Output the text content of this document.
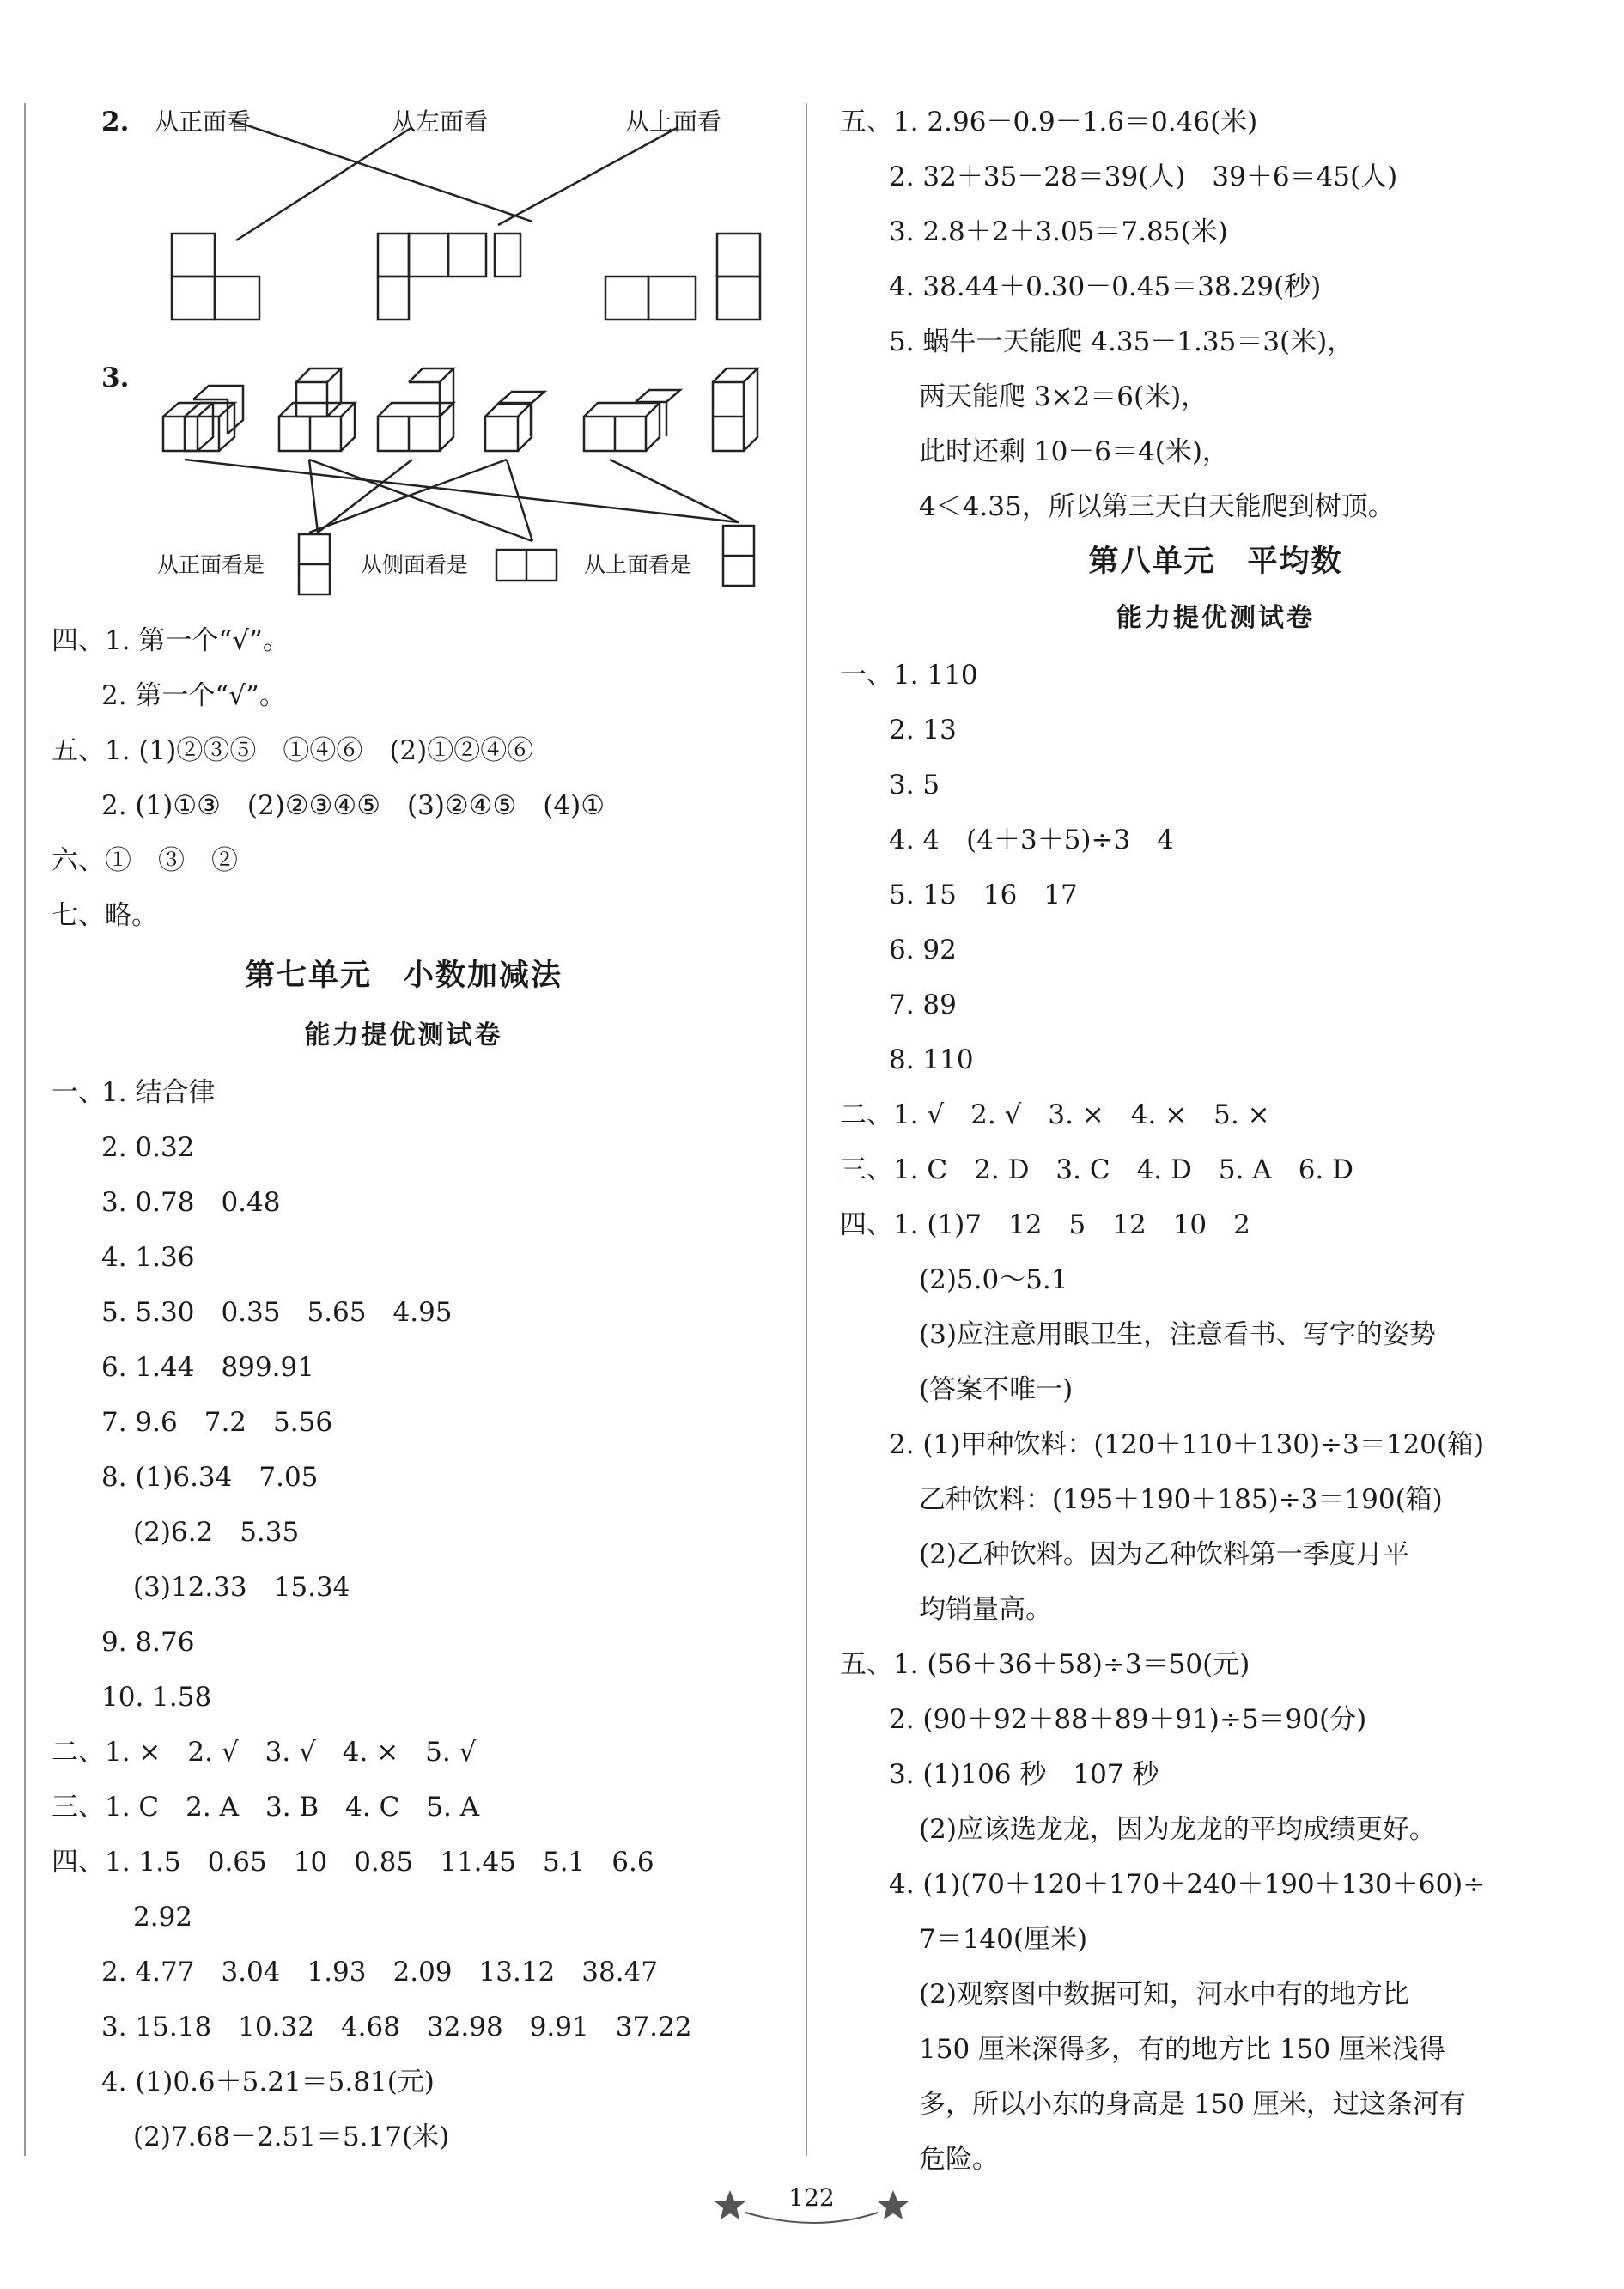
2. 从正面看	从左面看	从上面看
3.
从正面看是	从侧面看是	从上面看是
四、1. 第一个“√”。
2. 第一个“√”。
五、1. (1)②③⑤　①④⑥　(2)①②④⑥
2. (1)①③　(2)②③④⑤　(3)②④⑤　(4)①
六、①　③　②
七、略。
第七单元　小数加减法
能力提优测试卷
一、
1. 结合律
2. 0.32
3. 0.78　0.48
4. 1.36
5. 5.30　0.35　5.65　4.95
6. 1.44　899.91
7. 9.6　7.2　5.56
8. (1)6.34　7.05
(2)6.2　5.35
(3)12.33　15.34
9. 8.76
10. 1.58
二、1. ×　2. √　3. √　4. ×　5. √
三、1. C　2. A　3. B　4. C　5. A
四、1. 1.5　0.65　10　0.85　11.45　5.1　6.6
2.92
2. 4.77　3.04　1.93　2.09　13.12　38.47
3. 15.18　10.32　4.68　32.98　9.91　37.22
4. (1)0.6＋5.21＝5.81(元)
(2)7.68－2.51＝5.17(米)
五、1. 2.96－0.9－1.6＝0.46(米)
2. 32＋35－28＝39(人)　39＋6＝45(人)
3. 2.8＋2＋3.05＝7.85(米)
4. 38.44＋0.30－0.45＝38.29(秒)
5. 蜗牛一天能爬 4.35－1.35＝3(米)，
两天能爬 3×2＝6(米)，
此时还剩 10－6＝4(米)，
4＜4.35，所以第三天白天能爬到树顶。
第八单元　平均数
能力提优测试卷
一、1. 110
2. 13
3. 5
4. 4　(4＋3＋5)÷3　4
5. 15　16　17
6. 92
7. 89
8. 110
二、1. √　2. √　3. ×　4. ×　5. ×
三、1. C　2. D　3. C　4. D　5. A　6. D
四、1. (1)7　12　5　12　10　2
(2)5.0～5.1
(3)应注意用眼卫生，注意看书、写字的姿势
(答案不唯一)
2. (1)甲种饮料：(120＋110＋130)÷3＝120(箱)
乙种饮料：(195＋190＋185)÷3＝190(箱)
(2)乙种饮料。因为乙种饮料第一季度月平
均销量高。
五、1. (56＋36＋58)÷3＝50(元)
2. (90＋92＋88＋89＋91)÷5＝90(分)
3. (1)106 秒　107 秒
(2)应该选龙龙，因为龙龙的平均成绩更好。
4. (1)(70＋120＋170＋240＋190＋130＋60)÷
7＝140(厘米)
(2)观察图中数据可知，河水中有的地方比
150 厘米深得多，有的地方比 150 厘米浅得
多，所以小东的身高是 150 厘米，过这条河有
危险。
122
